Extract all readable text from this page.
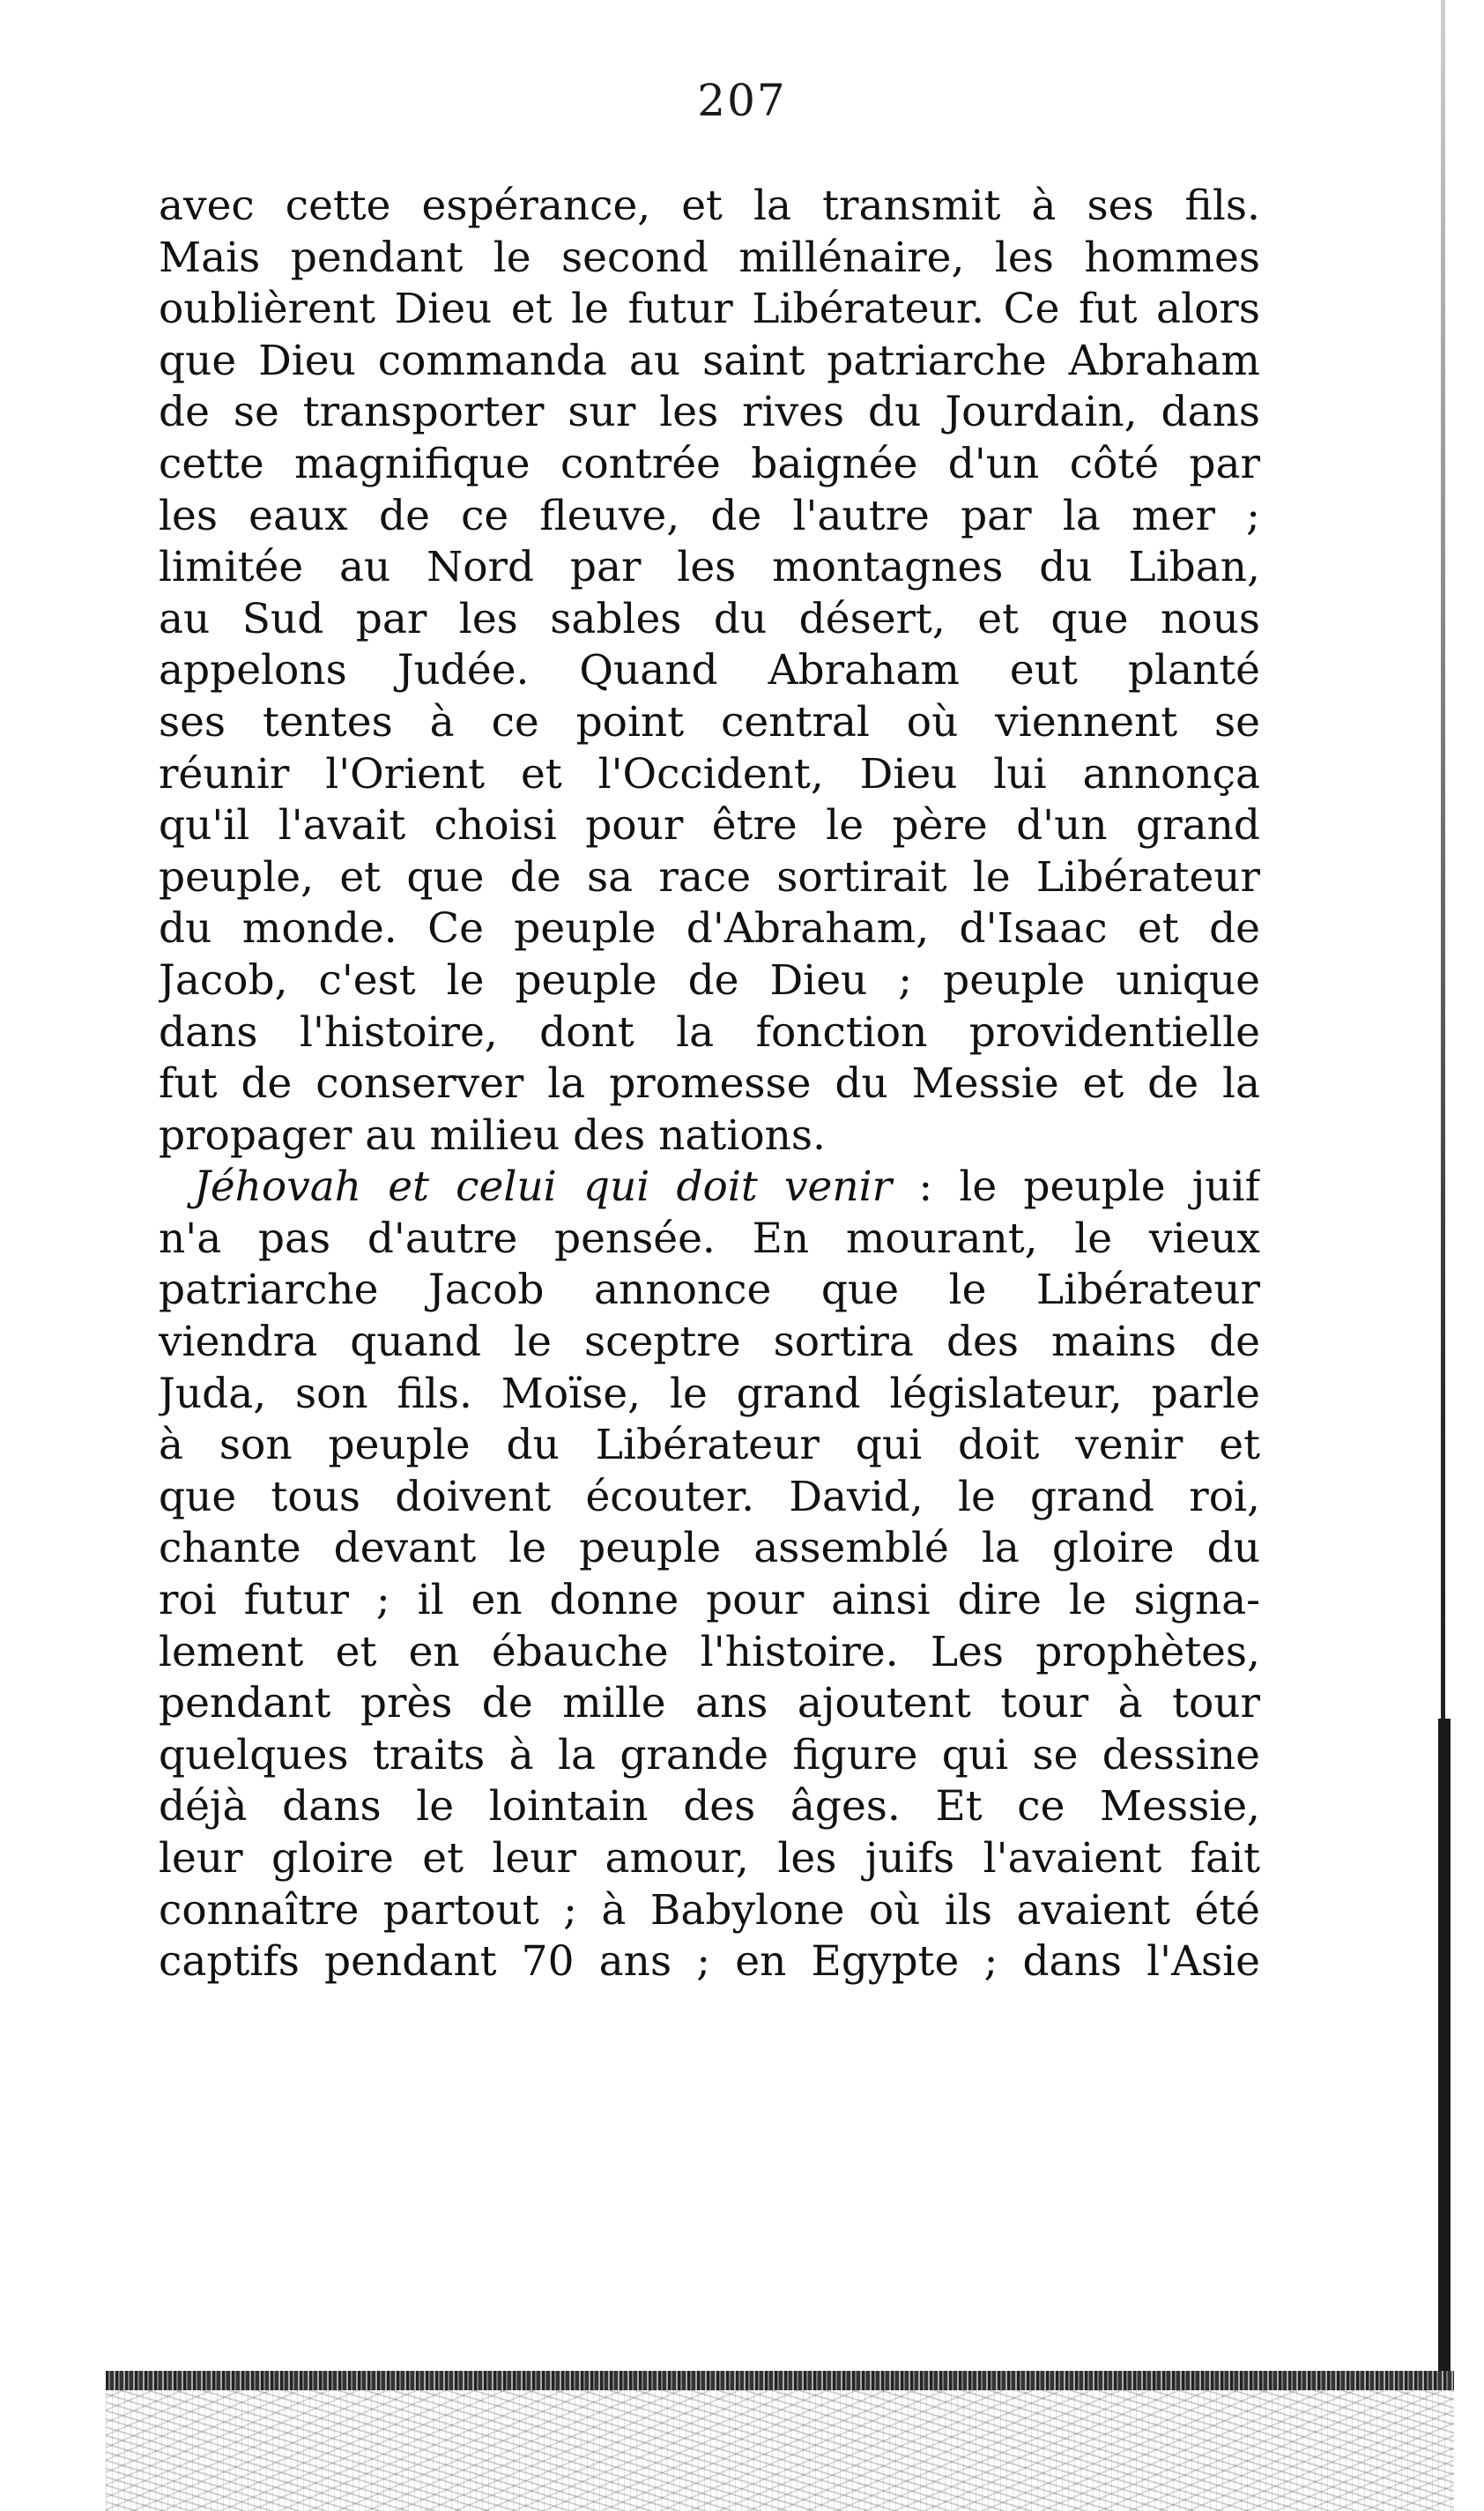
207
avec cette espérance, et la transmit à ses fils.
Mais pendant le second millénaire, les hommes
oublièrent Dieu et le futur Libérateur. Ce fut alors
que Dieu commanda au saint patriarche Abraham
de se transporter sur les rives du Jourdain, dans
cette magnifique contrée baignée d'un côté par
les eaux de ce fleuve, de l'autre par la mer ;
limitée au Nord par les montagnes du Liban,
au Sud par les sables du désert, et que nous
appelons Judée. Quand Abraham eut planté
ses tentes à ce point central où viennent se
réunir l'Orient et l'Occident, Dieu lui annonça
qu'il l'avait choisi pour être le père d'un grand
peuple, et que de sa race sortirait le Libérateur
du monde. Ce peuple d'Abraham, d'Isaac et de
Jacob, c'est le peuple de Dieu ; peuple unique
dans l'histoire, dont la fonction providentielle
fut de conserver la promesse du Messie et de la
propager au milieu des nations.
Jéhovah et celui qui doit venir : le peuple juif
n'a pas d'autre pensée. En mourant, le vieux
patriarche Jacob annonce que le Libérateur
viendra quand le sceptre sortira des mains de
Juda, son fils. Moïse, le grand législateur, parle
à son peuple du Libérateur qui doit venir et
que tous doivent écouter. David, le grand roi,
chante devant le peuple assemblé la gloire du
roi futur ; il en donne pour ainsi dire le signa-
lement et en ébauche l'histoire. Les prophètes,
pendant près de mille ans ajoutent tour à tour
quelques traits à la grande figure qui se dessine
déjà dans le lointain des âges. Et ce Messie,
leur gloire et leur amour, les juifs l'avaient fait
connaître partout ; à Babylone où ils avaient été
captifs pendant 70 ans ; en Egypte ; dans l'Asie
